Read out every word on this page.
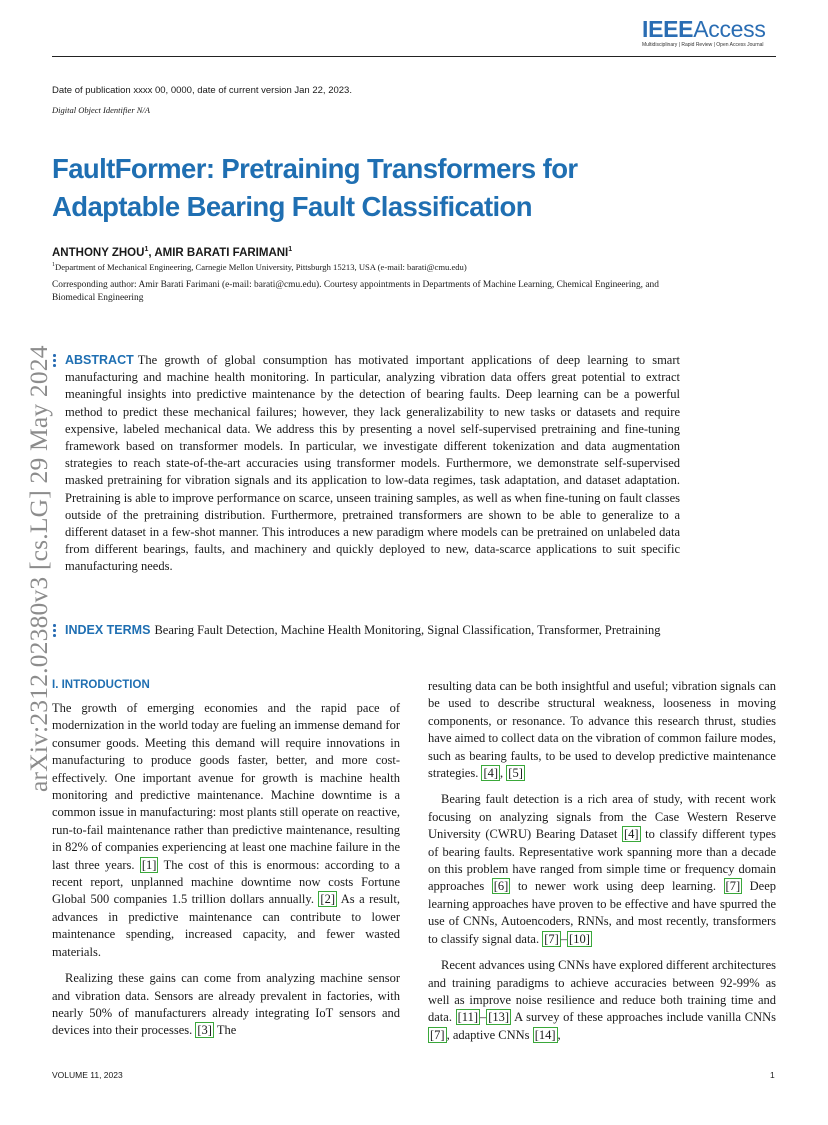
IEEEAccess
Multidisciplinary | Rapid Review | Open Access Journal
Date of publication xxxx 00, 0000, date of current version Jan 22, 2023.
Digital Object Identifier N/A
FaultFormer: Pretraining Transformers for
Adaptable Bearing Fault Classification
ANTHONY ZHOU$^1$, AMIR BARATI FARIMANI$^1$
$^1$Department of Mechanical Engineering, Carnegie Mellon University, Pittsburgh 15213, USA (e-mail: barati@cmu.edu)
Corresponding author: Amir Barati Farimani (e-mail: barati@cmu.edu). Courtesy appointments in Departments of Machine Learning, Chemical Engineering, and Biomedical Engineering
arXiv:2312.02380v3 [cs.LG] 29 May 2024 ABSTRACT The growth of global consumption has motivated important applications of deep learning to smart manufacturing and machine health monitoring. In particular, analyzing vibration data offers great potential to extract meaningful insights into predictive maintenance by the detection of bearing faults. Deep learning can be a powerful method to predict these mechanical failures; however, they lack generalizability to new tasks or datasets and require expensive, labeled mechanical data. We address this by presenting a novel self-supervised pretraining and fine-tuning framework based on transformer models. In particular, we investigate different tokenization and data augmentation strategies to reach state-of-the-art accuracies using transformer models. Furthermore, we demonstrate self-supervised masked pretraining for vibration signals and its application to low-data regimes, task adaptation, and dataset adaptation. Pretraining is able to improve performance on scarce, unseen training samples, as well as when fine-tuning on fault classes outside of the pretraining distribution. Furthermore, pretrained transformers are shown to be able to generalize to a different dataset in a few-shot manner. This introduces a new paradigm where models can be pretrained on unlabeled data from different bearings, faults, and machinery and quickly deployed to new, data-scarce applications to suit specific manufacturing needs.
INDEX TERMS Bearing Fault Detection, Machine Health Monitoring, Signal Classification, Transformer, Pretraining
I. INTRODUCTION

The growth of emerging economies and the rapid pace of modernization in the world today are fueling an immense demand for consumer goods. Meeting this demand will require innovations in manufacturing to produce goods faster, better, and more cost-effectively. One important avenue for growth is machine health monitoring and predictive maintenance. Machine downtime is a common issue in manufacturing: most plants still operate on reactive, run-to-fail maintenance rather than predictive maintenance, resulting in 82% of companies experiencing at least one machine failure in the last three years. [1] The cost of this is enormous: according to a recent report, unplanned machine downtime now costs Fortune Global 500 companies 1.5 trillion dollars annually. [2] As a result, advances in predictive maintenance can contribute to lower maintenance spending, increased capacity, and fewer wasted materials.

Realizing these gains can come from analyzing machine sensor and vibration data. Sensors are already prevalent in factories, with nearly 50% of manufacturers already integrating IoT sensors and devices into their processes. [3] The

resulting data can be both insightful and useful; vibration signals can be used to describe structural weakness, looseness in moving components, or resonance. To advance this research thrust, studies have aimed to collect data on the vibration of common failure modes, such as bearing faults, to be used to develop predictive maintenance strategies. [4] , [5]

Bearing fault detection is a rich area of study, with recent work focusing on analyzing signals from the Case Western Reserve University (CWRU) Bearing Dataset [4] to classify different types of bearing faults. Representative work spanning more than a decade on this problem have ranged from simple time or frequency domain approaches [6] to newer work using deep learning. [7] Deep learning approaches have proven to be effective and have spurred the use of CNNs, Autoencoders, RNNs, and most recently, transformers to classify signal data. [7] – [10]

Recent advances using CNNs have explored different architectures and training paradigms to achieve accuracies between 92-99% as well as improve noise resilience and reduce both training time and data. [11] – [13] A survey of these approaches include vanilla CNNs [7] , adaptive CNNs [14] ,

VOLUME 11, 2023	1
